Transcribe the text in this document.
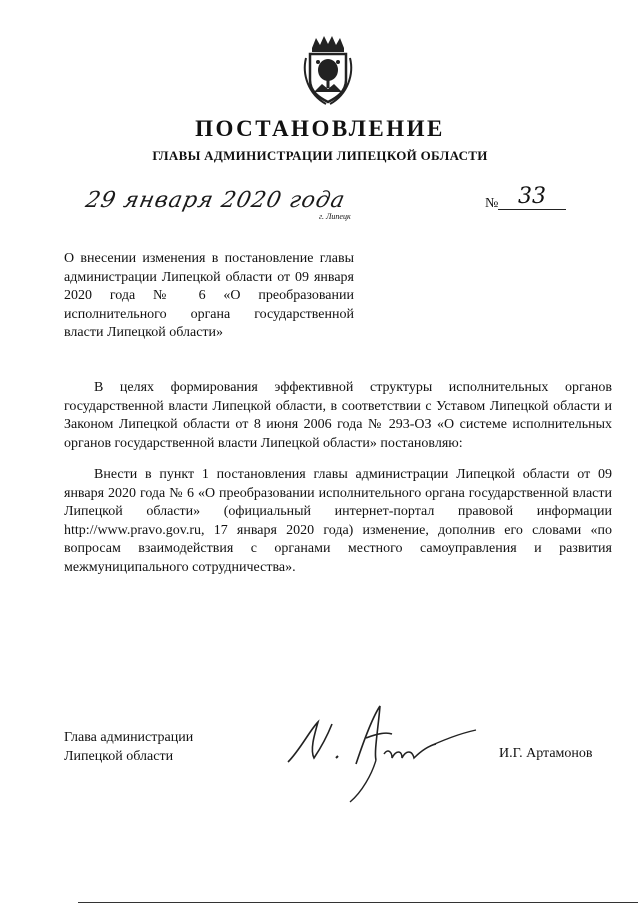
ПОСТАНОВЛЕНИЕ
ГЛАВЫ АДМИНИСТРАЦИИ ЛИПЕЦКОЙ ОБЛАСТИ
29 января 2020 года
г. Липецк
№ 33

О внесении изменения в постановление главы администрации Липецкой области от 09 января 2020 года № 6 «О преобразовании исполнительного органа государственной власти Липецкой области»

В целях формирования эффективной структуры исполнительных органов государственной власти Липецкой области, в соответствии с Уставом Липецкой области и Законом Липецкой области от 8 июня 2006 года № 293-ОЗ «О системе исполнительных органов государственной власти Липецкой области» постановляю:

Внести в пункт 1 постановления главы администрации Липецкой области от 09 января 2020 года № 6 «О преобразовании исполнительного органа государственной власти Липецкой области» (официальный интернет-портал правовой информации http://www.pravo.gov.ru, 17 января 2020 года) изменение, дополнив его словами «по вопросам взаимодействия с органами местного самоуправления и развития межмуниципального сотрудничества».

Глава администрации
Липецкой области	И.Г. Артамонов
